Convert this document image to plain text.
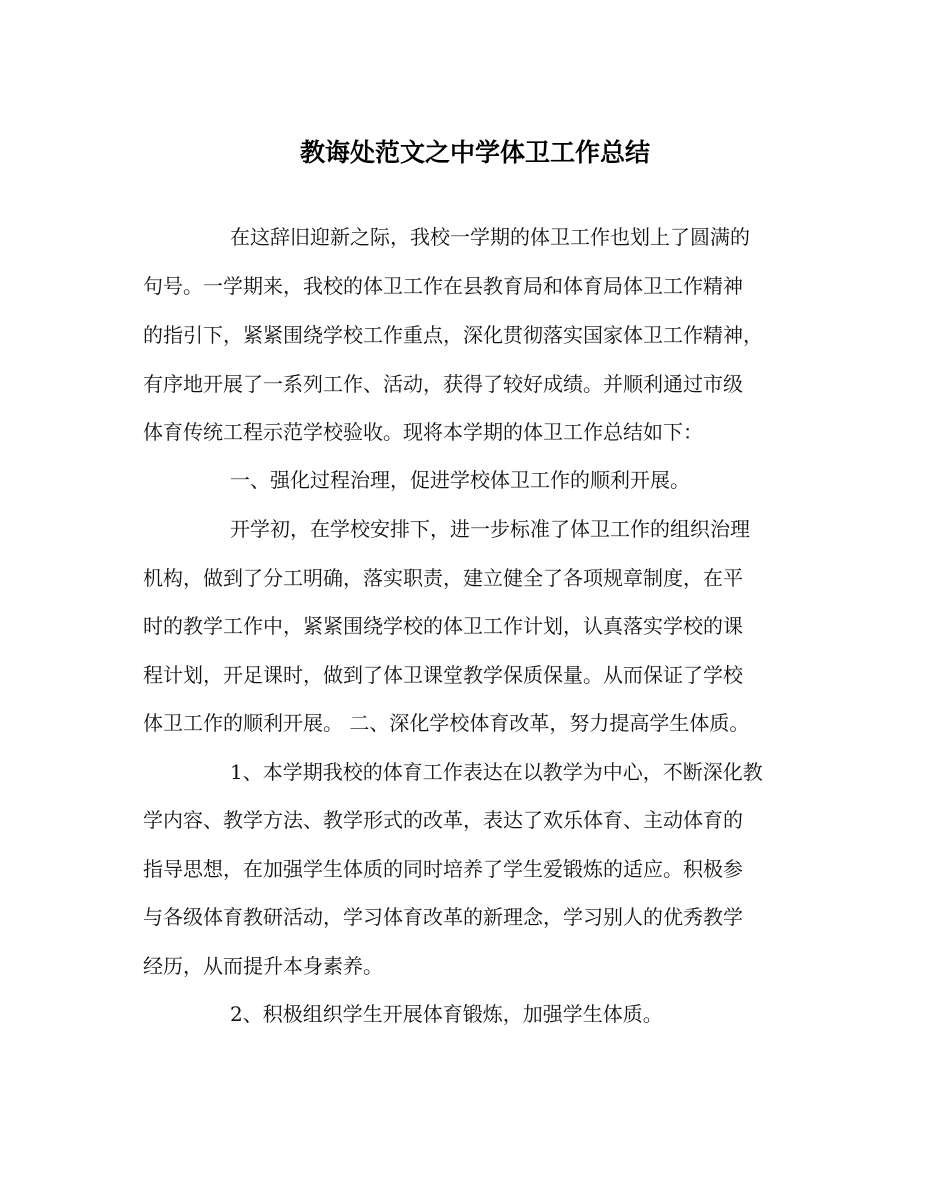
教诲处范文之中学体卫工作总结

在这辞旧迎新之际，我校一学期的体卫工作也划上了圆满的

句号。一学期来，我校的体卫工作在县教育局和体育局体卫工作精神

的指引下，紧紧围绕学校工作重点，深化贯彻落实国家体卫工作精神，

有序地开展了一系列工作、活动，获得了较好成绩。并顺利通过市级

体育传统工程示范学校验收。现将本学期的体卫工作总结如下：

一、强化过程治理，促进学校体卫工作的顺利开展。

开学初，在学校安排下，进一步标准了体卫工作的组织治理

机构，做到了分工明确，落实职责，建立健全了各项规章制度，在平

时的教学工作中，紧紧围绕学校的体卫工作计划，认真落实学校的课

程计划，开足课时，做到了体卫课堂教学保质保量。从而保证了学校

体卫工作的顺利开展。 二、深化学校体育改革，努力提高学生体质。

1、本学期我校的体育工作表达在以教学为中心，不断深化教

学内容、教学方法、教学形式的改革，表达了欢乐体育、主动体育的

指导思想，在加强学生体质的同时培养了学生爱锻炼的适应。积极参

与各级体育教研活动，学习体育改革的新理念，学习别人的优秀教学

经历，从而提升本身素养。

2、积极组织学生开展体育锻炼，加强学生体质。
